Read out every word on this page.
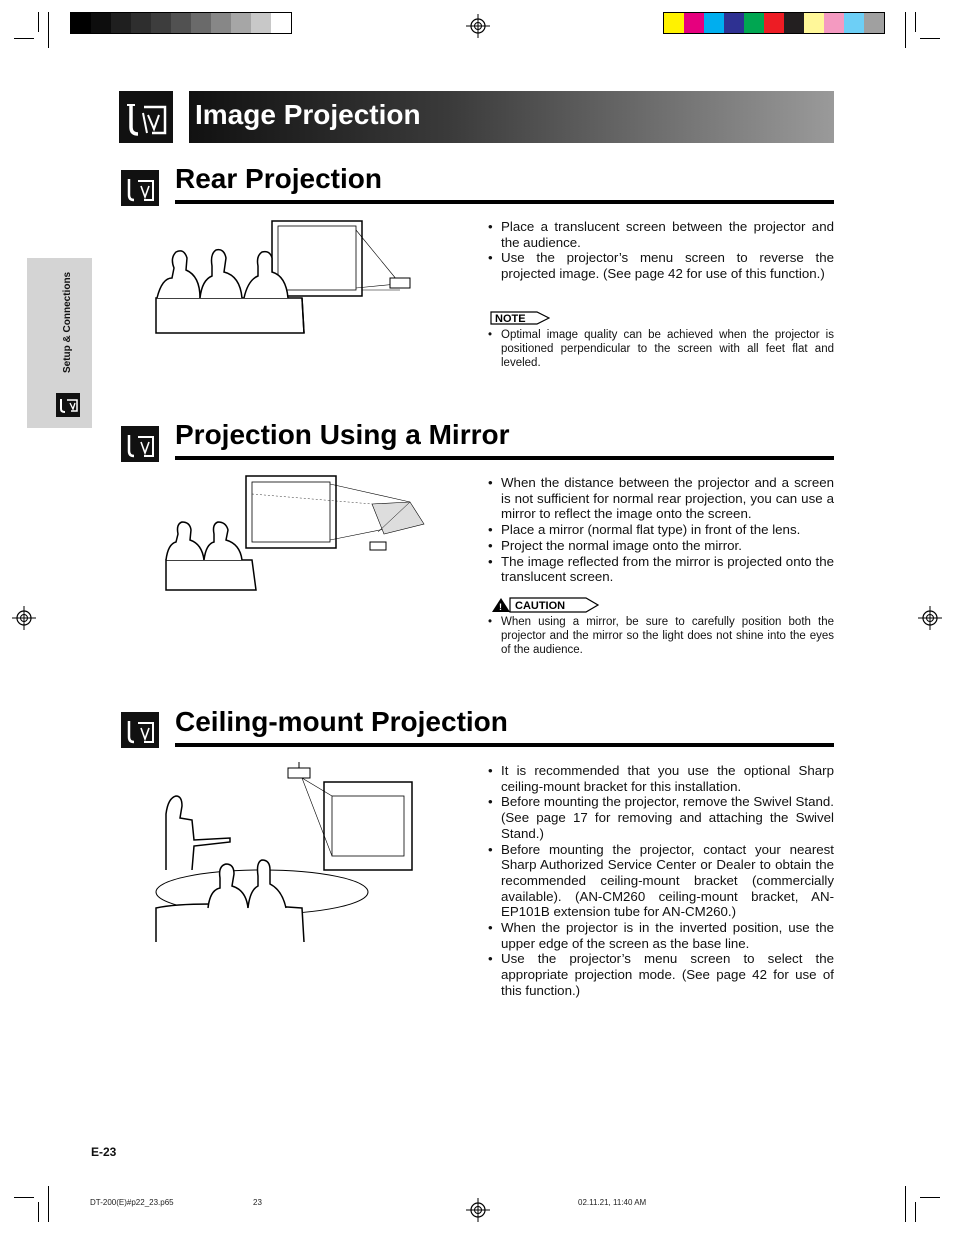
Setup & Connections
Image Projection
Rear Projection
• Place a translucent screen between the projector and the audience.
• Use the projector’s menu screen to reverse the projected image. (See page 42 for use of this function.)
NOTE
• Optimal image quality can be achieved when the projector is positioned perpendicular to the screen with all feet flat and leveled.
Projection Using a Mirror
• When the distance between the projector and a screen is not sufficient for normal rear projection, you can use a mirror to reflect the image onto the screen.
• Place a mirror (normal flat type) in front of the lens.
• Project the normal image onto the mirror.
• The image reflected from the mirror is projected onto the translucent screen.
! CAUTION
• When using a mirror, be sure to carefully position both the projector and the mirror so the light does not shine into the eyes of the audience.
Ceiling-mount Projection
• It is recommended that you use the optional Sharp ceiling-mount bracket for this installation.
• Before mounting the projector, remove the Swivel Stand. (See page 17 for removing and attaching the Swivel Stand.)
• Before mounting the projector, contact your nearest Sharp Authorized Service Center or Dealer to obtain the recommended ceiling-mount bracket (commercially available). (AN-CM260 ceiling-mount bracket, AN-EP101B extension tube for AN-CM260.)
• When the projector is in the inverted position, use the upper edge of the screen as the base line.
• Use the projector’s menu screen to select the appropriate projection mode. (See page 42 for use of this function.)
E-23
DT-200(E)#p22_23.p65	23	02.11.21, 11:40 AM
